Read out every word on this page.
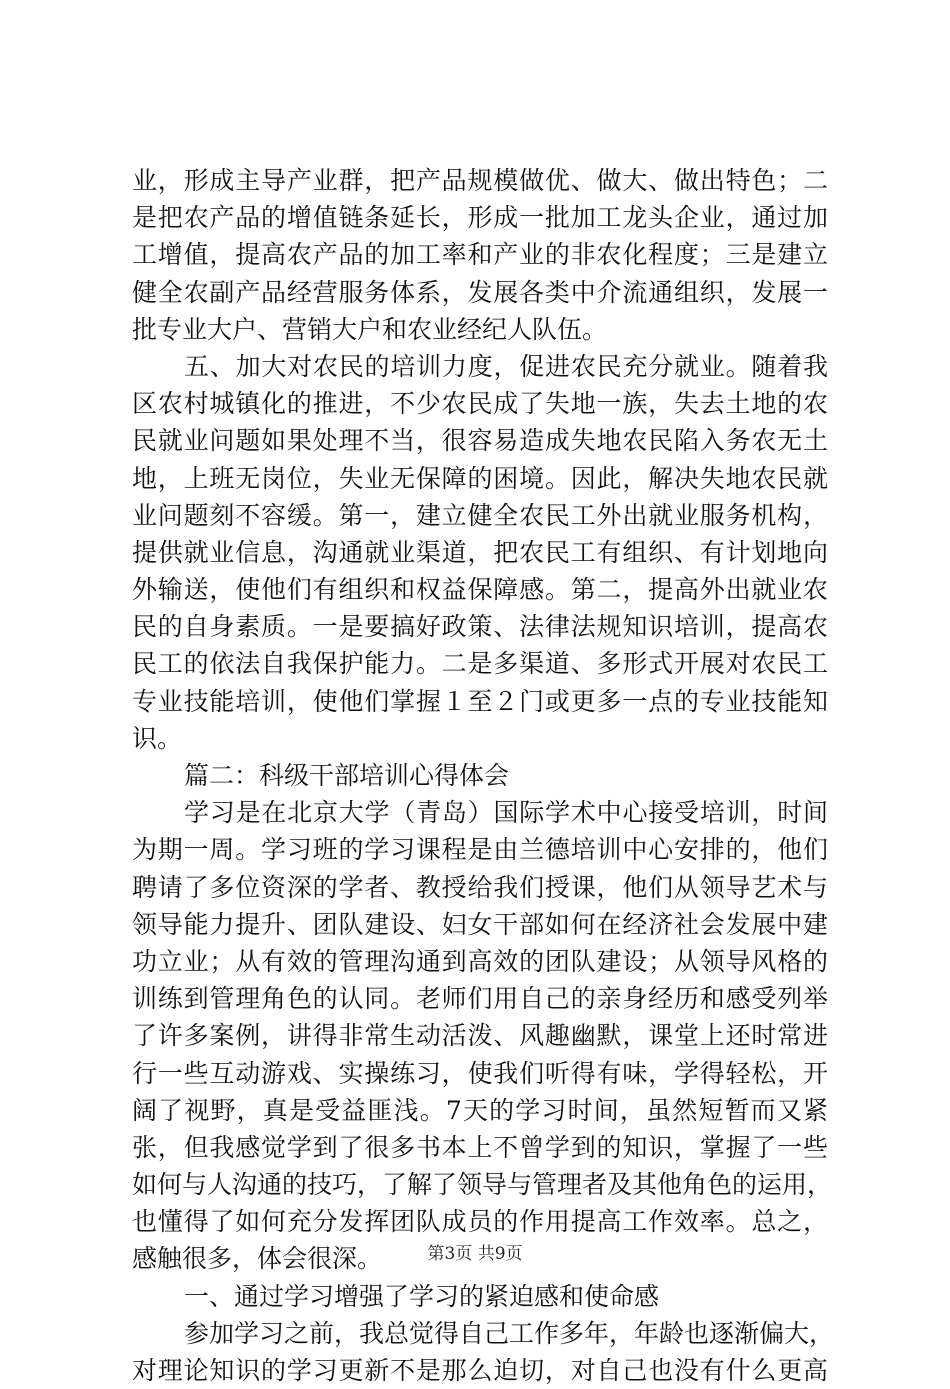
业，形成主导产业群，把产品规模做优、做大、做出特色；二
是把农产品的增值链条延长，形成一批加工龙头企业，通过加
工增值，提高农产品的加工率和产业的非农化程度；三是建立
健全农副产品经营服务体系，发展各类中介流通组织，发展一
批专业大户、营销大户和农业经纪人队伍。
五、加大对农民的培训力度，促进农民充分就业。随着我
区农村城镇化的推进，不少农民成了失地一族，失去土地的农
民就业问题如果处理不当，很容易造成失地农民陷入务农无土
地，上班无岗位，失业无保障的困境。因此，解决失地农民就
业问题刻不容缓。第一，建立健全农民工外出就业服务机构，
提供就业信息，沟通就业渠道，把农民工有组织、有计划地向
外输送，使他们有组织和权益保障感。第二，提高外出就业农
民的自身素质。一是要搞好政策、法律法规知识培训，提高农
民工的依法自我保护能力。二是多渠道、多形式开展对农民工
专业技能培训，使他们掌握１至２门或更多一点的专业技能知
识。
篇二：科级干部培训心得体会
学习是在北京大学（青岛）国际学术中心接受培训，时间
为期一周。学习班的学习课程是由兰德培训中心安排的，他们
聘请了多位资深的学者、教授给我们授课，他们从领导艺术与
领导能力提升、团队建设、妇女干部如何在经济社会发展中建
功立业；从有效的管理沟通到高效的团队建设；从领导风格的
训练到管理角色的认同。老师们用自己的亲身经历和感受列举
了许多案例，讲得非常生动活泼、风趣幽默，课堂上还时常进
行一些互动游戏、实操练习，使我们听得有味，学得轻松，开
阔了视野，真是受益匪浅。7天的学习时间，虽然短暂而又紧
张，但我感觉学到了很多书本上不曾学到的知识，掌握了一些
如何与人沟通的技巧，了解了领导与管理者及其他角色的运用，
也懂得了如何充分发挥团队成员的作用提高工作效率。总之，
感触很多，体会很深。
一、通过学习增强了学习的紧迫感和使命感
参加学习之前，我总觉得自己工作多年，年龄也逐渐偏大，
对理论知识的学习更新不是那么迫切，对自己也没有什么更高
第3页 共9页
